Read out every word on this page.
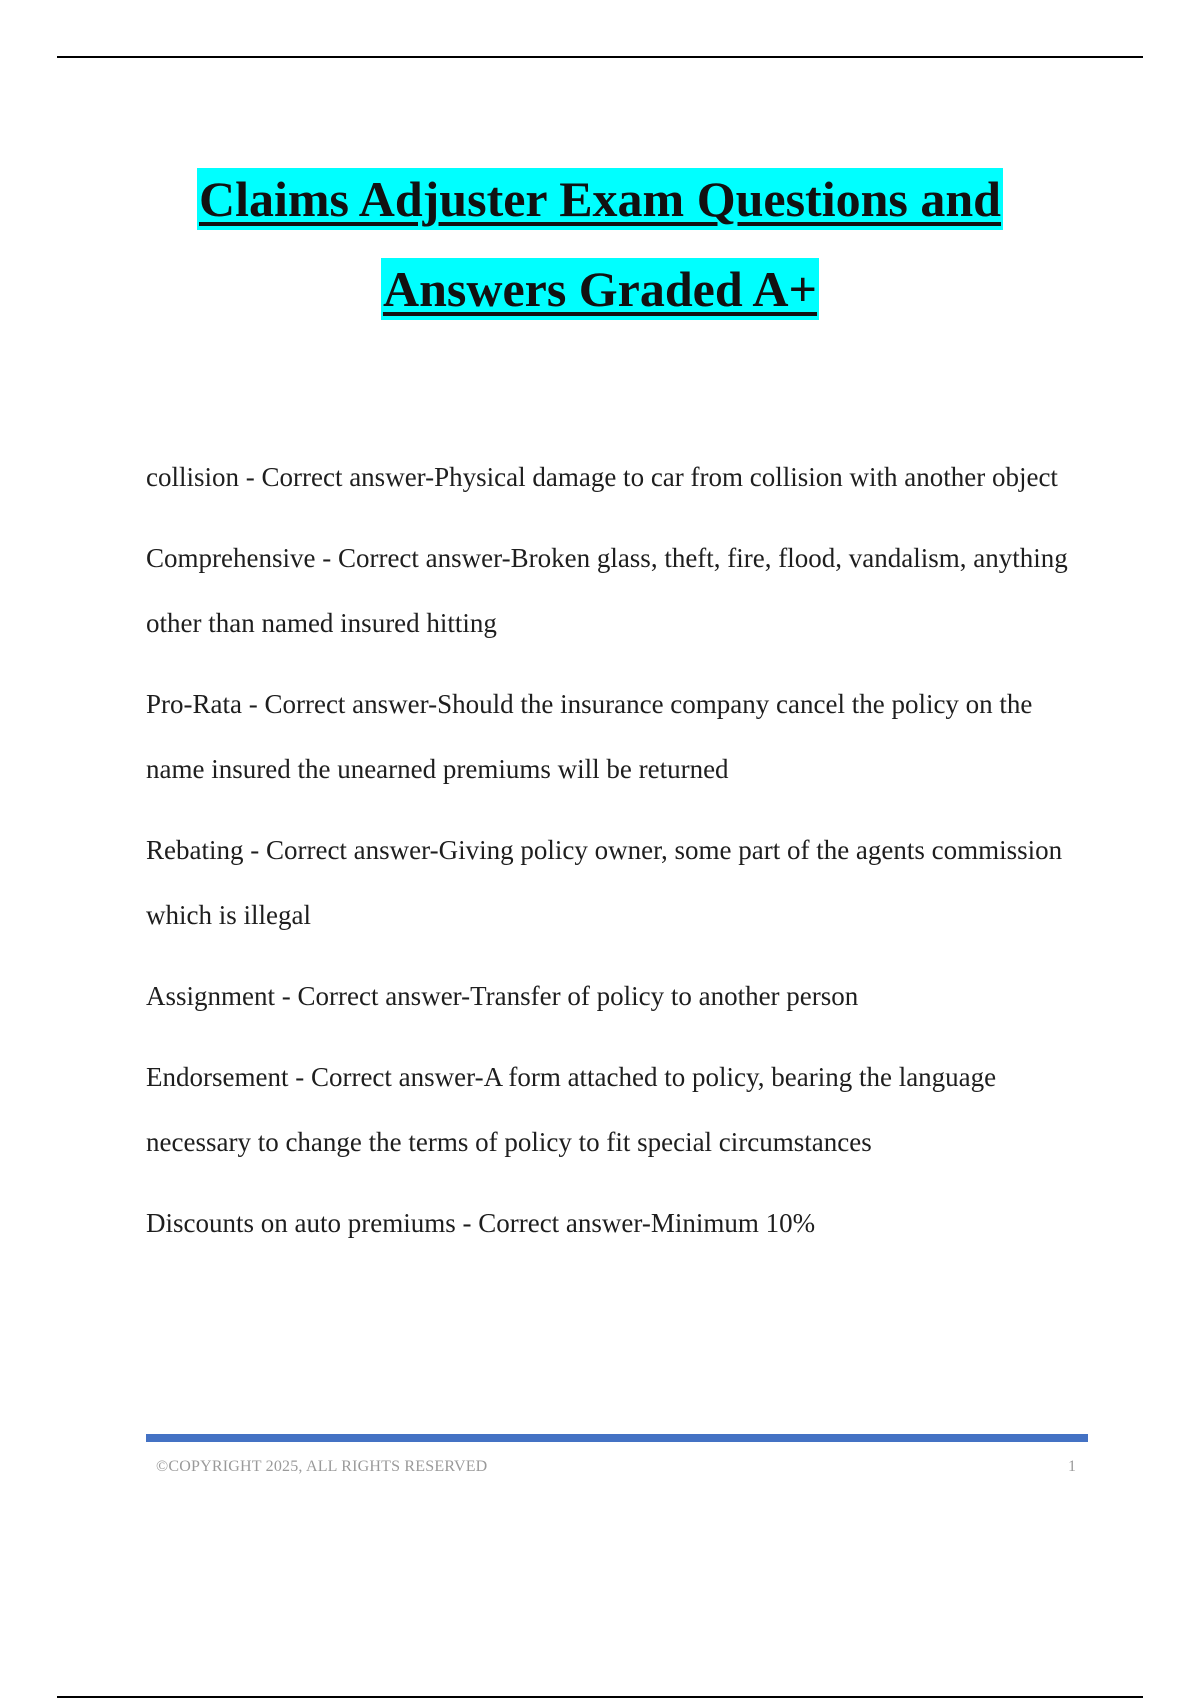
Claims Adjuster Exam Questions and
Answers Graded A+
collision - Correct answer-Physical damage to car from collision with another object
Comprehensive - Correct answer-Broken glass, theft, fire, flood, vandalism, anything other than named insured hitting
Pro-Rata - Correct answer-Should the insurance company cancel the policy on the name insured the unearned premiums will be returned
Rebating - Correct answer-Giving policy owner, some part of the agents commission which is illegal
Assignment - Correct answer-Transfer of policy to another person
Endorsement - Correct answer-A form attached to policy, bearing the language necessary to change the terms of policy to fit special circumstances
Discounts on auto premiums - Correct answer-Minimum 10%
©COPYRIGHT 2025, ALL RIGHTS RESERVED	1
